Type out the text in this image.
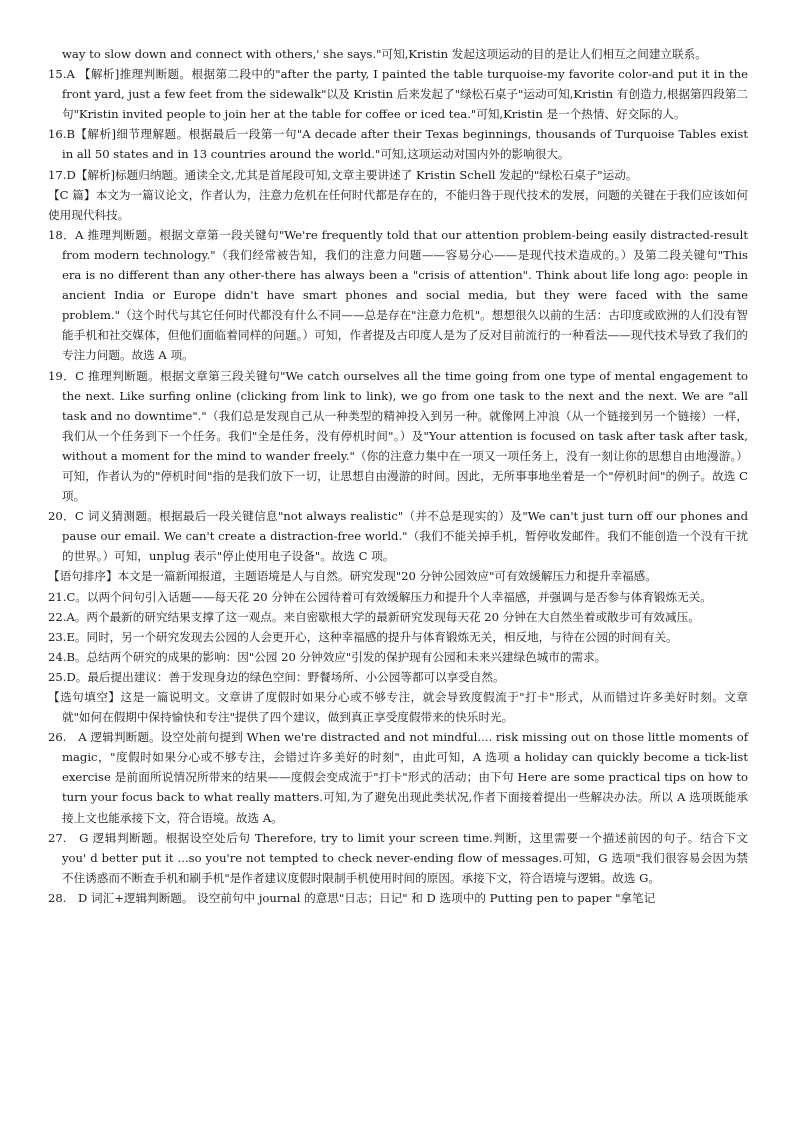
way to slow down and connect with others,' she says."可知,Kristin 发起这项运动的目的是让人们相互之间建立联系。

15.A 【解析]推理判断题。根据第二段中的"after the party, I painted the table turquoise-my favorite color-and put it in the front yard, just a few feet from the sidewalk"以及 Kristin 后来发起了"绿松石桌子"运动可知,Kristin 有创造力,根据第四段第二句"Kristin invited people to join her at the table for coffee or iced tea."可知,Kristin 是一个热情、好交际的人。

16.B【解析]细节理解题。根据最后一段第一句"A decade after their Texas beginnings, thousands of Turquoise Tables exist in all 50 states and in 13 countries around the world."可知,这项运动对国内外的影响很大。

17.D【解析]标题归纳题。通读全文,尤其是首尾段可知,文章主要讲述了 Kristin Schell 发起的"绿松石桌子"运动。

【C 篇】本文为一篇议论文，作者认为，注意力危机在任何时代都是存在的，不能归咎于现代技术的发展，问题的关键在于我们应该如何使用现代科技。

18．A 推理判断题。根据文章第一段关键句"We're frequently told that our attention problem-being easily distracted-result from modern technology."（我们经常被告知，我们的注意力问题——容易分心——是现代技术造成的。）及第二段关键句"This era is no different than any other-there has always been a "crisis of attention". Think about life long ago: people in ancient India or Europe didn't have smart phones and social media, but they were faced with the same problem."（这个时代与其它任何时代都没有什么不同——总是存在"注意力危机"。想想很久以前的生活：古印度或欧洲的人们没有智能手机和社交媒体，但他们面临着同样的问题。）可知，作者提及古印度人是为了反对目前流行的一种看法——现代技术导致了我们的专注力问题。故选 A 项。

19．C 推理判断题。根据文章第三段关键句"We catch ourselves all the time going from one type of mental engagement to the next. Like surfing online (clicking from link to link), we go from one task to the next and the next. We are "all task and no downtime"."（我们总是发现自己从一种类型的精神投入到另一种。就像网上冲浪（从一个链接到另一个链接）一样，我们从一个任务到下一个任务。我们"全是任务，没有停机时间"。）及"Your attention is focused on task after task after task, without a moment for the mind to wander freely."（你的注意力集中在一项又一项任务上，没有一刻让你的思想自由地漫游。）可知，作者认为的"停机时间"指的是我们放下一切，让思想自由漫游的时间。因此，无所事事地坐着是一个"停机时间"的例子。故选 C 项。

20．C 词义猜测题。根据最后一段关键信息"not always realistic"（并不总是现实的）及"We can't just turn off our phones and pause our email. We can't create a distraction-free world."（我们不能关掉手机，暂停收发邮件。我们不能创造一个没有干扰的世界。）可知，unplug 表示"停止使用电子设备"。故选 C 项。

【语句排序】本文是一篇新闻报道，主题语境是人与自然。研究发现"20 分钟公园效应"可有效缓解压力和提升幸福感。

21.C。以两个问句引入话题——每天花 20 分钟在公园待着可有效缓解压力和提升个人幸福感，并强调与是否参与体育锻炼无关。

22.A。两个最新的研究结果支撑了这一观点。来自密歇根大学的最新研究发现每天花 20 分钟在大自然坐着或散步可有效减压。

23.E。同时，另一个研究发现去公园的人会更开心，这种幸福感的提升与体育锻炼无关，相反地，与待在公园的时间有关。

24.B。总结两个研究的成果的影响：因"公园 20 分钟效应"引发的保护现有公园和未来兴建绿色城市的需求。

25.D。最后提出建议：善于发现身边的绿色空间：野餐场所、小公园等都可以享受自然。

【选句填空】这是一篇说明文。文章讲了度假时如果分心或不够专注，就会导致度假流于"打卡"形式，从而错过许多美好时刻。文章就"如何在假期中保持愉快和专注"提供了四个建议，做到真正享受度假带来的快乐时光。

26.　A 逻辑判断题。设空处前句提到 When we're distracted and not mindful.... risk missing out on those little moments of magic，"度假时如果分心或不够专注，会错过许多美好的时刻"，由此可知，A 选项 a holiday can quickly become a tick-list exercise 是前面所说情况所带来的结果——度假会变成流于"打卡"形式的活动；由下句 Here are some practical tips on how to turn your focus back to what really matters.可知,为了避免出现此类状况,作者下面接着提出一些解决办法。所以 A 选项既能承接上文也能承接下文，符合语境。故选 A。

27.　G 逻辑判断题。根据设空处后句 Therefore, try to limit your screen time.判断，这里需要一个描述前因的句子。结合下文 you' d better put it ...so you're not tempted to check never-ending flow of messages.可知，G 选项"我们很容易会因为禁不住诱惑而不断查手机和刷手机"是作者建议度假时限制手机使用时间的原因。承接下文，符合语境与逻辑。故选 G。

28.　D 词汇+逻辑判断题。 设空前句中 journal 的意思"日志；日记" 和 D 选项中的 Putting pen to paper "拿笔记
